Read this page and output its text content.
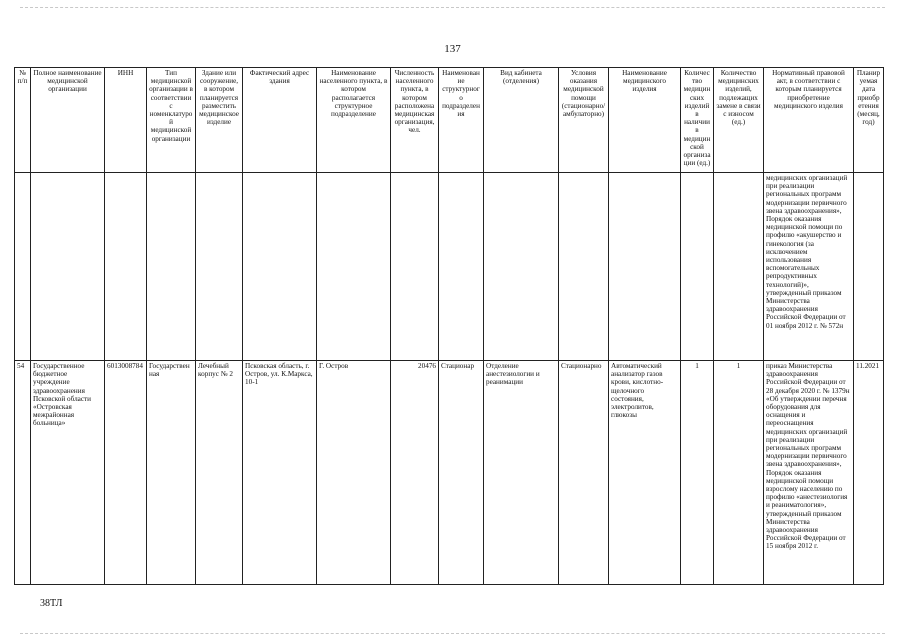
137
№ п/п	Полное наименование медицинской организации	ИНН	Тип медицинской организации в соответствии с номенклатурой медицинской организации	Здание или сооружение, в котором планируется разместить медицинское изделие	Фактический адрес здания	Наименование населенного пункта, в котором располагается структурное подразделение	Численность населенного пункта, в котором расположена медицинская организация, чел.	Наименование структурного подразделения	Вид кабинета (отделения)	Условия оказания медицинской помощи (стационарно/амбулаторно)	Наименование медицинского изделия	Количество медицинских изделий в наличии в медицинской организации (ед.)	Количество медицинских изделий, подлежащих замене в связи с износом (ед.)	Нормативный правовой акт, в соответствии с которым планируется приобретение медицинского изделия	Планируемая дата приобретения (месяц, год)
														медицинских организаций при реализации региональных программ модернизации первичного звена здравоохранения», Порядок оказания медицинской помощи по профилю «акушерство и гинекология (за исключением использования вспомогательных репродуктивных технологий)», утвержденный приказом Министерства здравоохранения Российской Федерации от 01 ноября 2012 г. № 572н	
54	Государственное бюджетное учреждение здравоохранения Псковской области «Островская межрайонная больница»	6013008784	Государственная	Лечебный корпус № 2	Псковская область, г. Остров, ул. К.Маркса, 10-1	Г. Остров	20476	Стационар	Отделение анестезиологии и реанимации	Стационарно	Автоматический анализатор газов крови, кислотно-щелочного состояния, электролитов, глюкозы	1	1	приказ Министерства здравоохранения Российской Федерации от 28 декабря 2020 г. № 1379н «Об утверждении перечня оборудования для оснащения и переоснащения медицинских организаций при реализации региональных программ модернизации первичного звена здравоохранения», Порядок оказания медицинской помощи взрослому населению по профилю «анестезиология и реаниматология», утвержденный приказом Министерства здравоохранения Российской Федерации от 15 ноября 2012 г.	11.2021
38ТЛ
